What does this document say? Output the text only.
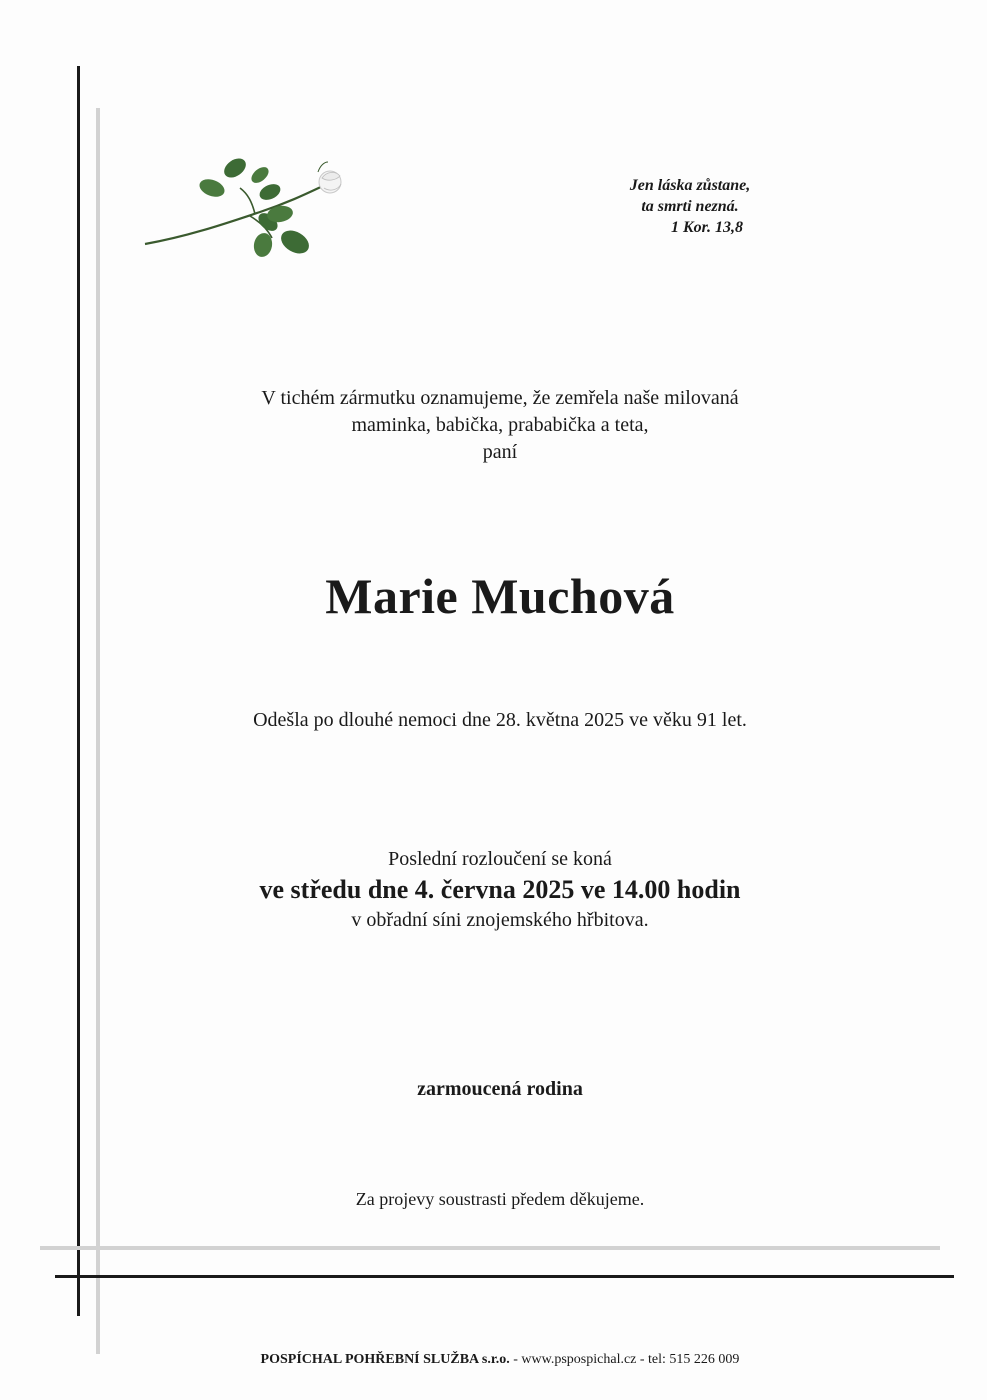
Jen láska zůstane,
ta smrti nezná.

1 Kor. 13,8
V tichém zármutku oznamujeme, že zemřela naše milovaná
maminka, babička, prababička a teta,
paní
Marie Muchová
Odešla po dlouhé nemoci dne 28. května 2025 ve věku 91 let.
Poslední rozloučení se koná

ve středu dne 4. června 2025 ve 14.00 hodin
v obřadní síni znojemského hřbitova.
zarmoucená rodina
Za projevy soustrasti předem děkujeme.
POSPÍCHAL POHŘEBNÍ SLUŽBA s.r.o. - www.pspospichal.cz - tel: 515 226 009
